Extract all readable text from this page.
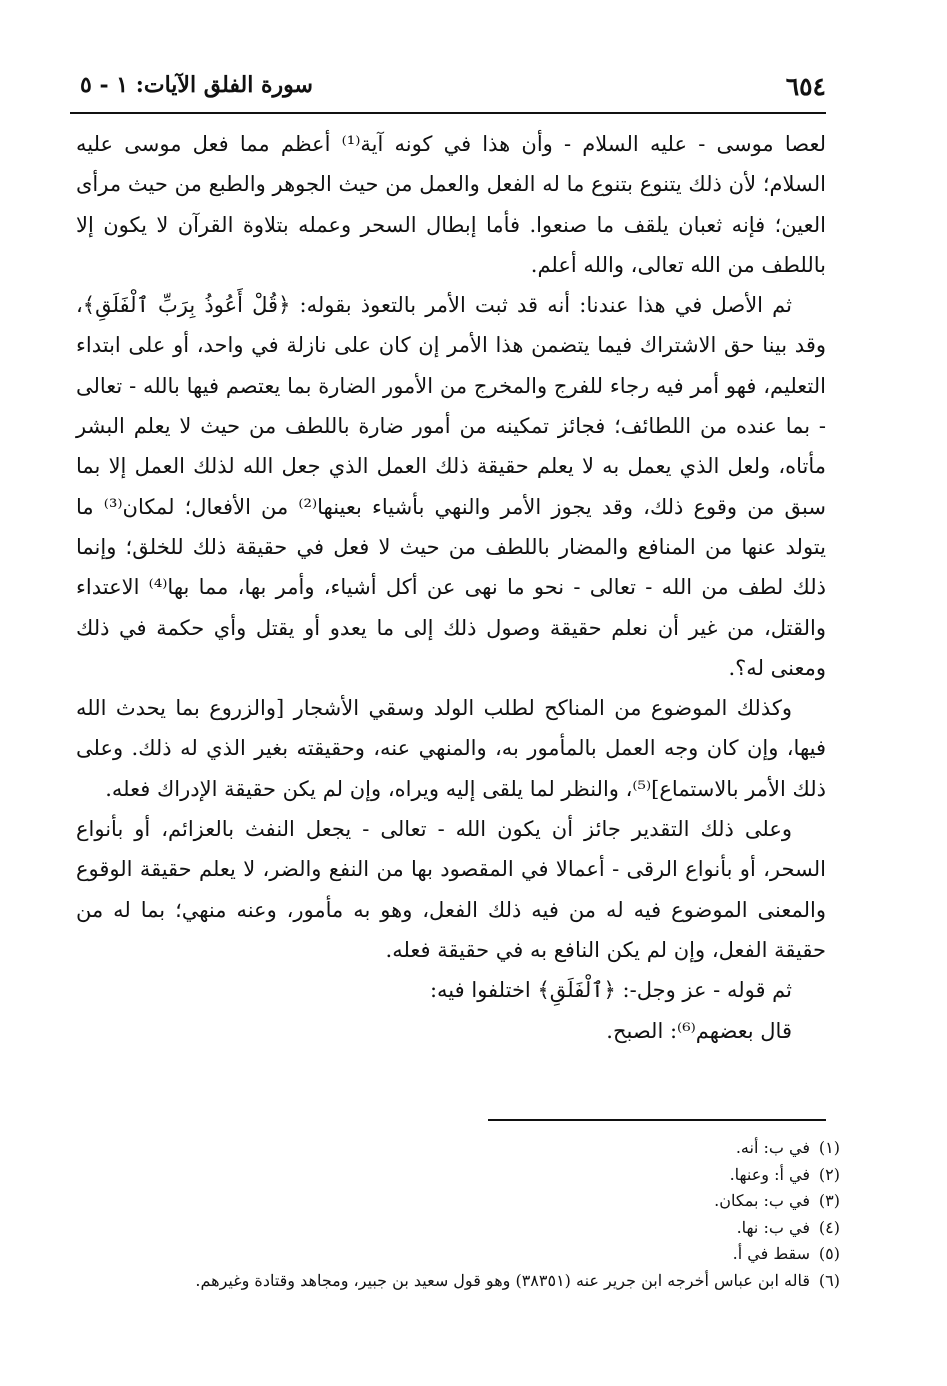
٦٥٤
سورة الفلق الآيات: ١ - ٥

لعصا موسى - عليه السلام - وأن هذا في كونه آية⁽¹⁾ أعظم مما فعل موسى عليه السلام؛ لأن ذلك يتنوع بتنوع ما له الفعل والعمل من حيث الجوهر والطبع من حيث مرأى العين؛ فإنه ثعبان يلقف ما صنعوا. فأما إبطال السحر وعمله بتلاوة القرآن لا يكون إلا باللطف من الله تعالى، والله أعلم.

ثم الأصل في هذا عندنا: أنه قد ثبت الأمر بالتعوذ بقوله: ﴿قُلْ أَعُوذُ بِرَبِّ ٱلْفَلَقِ﴾، وقد بينا حق الاشتراك فيما يتضمن هذا الأمر إن كان على نازلة في واحد، أو على ابتداء التعليم، فهو أمر فيه رجاء للفرج والمخرج من الأمور الضارة بما يعتصم فيها بالله - تعالى - بما عنده من اللطائف؛ فجائز تمكينه من أمور ضارة باللطف من حيث لا يعلم البشر مأتاه، ولعل الذي يعمل به لا يعلم حقيقة ذلك العمل الذي جعل الله لذلك العمل إلا بما سبق من وقوع ذلك، وقد يجوز الأمر والنهي بأشياء بعينها⁽²⁾ من الأفعال؛ لمكان⁽³⁾ ما يتولد عنها من المنافع والمضار باللطف من حيث لا فعل في حقيقة ذلك للخلق؛ وإنما ذلك لطف من الله - تعالى - نحو ما نهى عن أكل أشياء، وأمر بها، مما بها⁽⁴⁾ الاعتداء والقتل، من غير أن نعلم حقيقة وصول ذلك إلى ما يعدو أو يقتل وأي حكمة في ذلك ومعنى له؟.

وكذلك الموضوع من المناكح لطلب الولد وسقي الأشجار [والزروع بما يحدث الله فيها، وإن كان وجه العمل بالمأمور به، والمنهي عنه، وحقيقته بغير الذي له ذلك. وعلى ذلك الأمر بالاستماع]⁽⁵⁾، والنظر لما يلقى إليه ويراه، وإن لم يكن حقيقة الإدراك فعله.

وعلى ذلك التقدير جائز أن يكون الله - تعالى - يجعل النفث بالعزائم، أو بأنواع السحر، أو بأنواع الرقى - أعمالا في المقصود بها من النفع والضر، لا يعلم حقيقة الوقوع والمعنى الموضوع فيه له من فيه ذلك الفعل، وهو به مأمور، وعنه منهي؛ بما له من حقيقة الفعل، وإن لم يكن النافع به في حقيقة فعله.

ثم قوله - عز وجل-: ﴿ٱلْفَلَقِ﴾ اختلفوا فيه:

قال بعضهم⁽⁶⁾: الصبح.

(١)
في ب: أنه.
(٢)
في أ: وعنها.
(٣)
في ب: بمكان.
(٤)
في ب: نها.
(٥)
سقط في أ.
(٦)
قاله ابن عباس أخرجه ابن جرير عنه (٣٨٣٥١) وهو قول سعيد بن جبير، ومجاهد وقتادة وغيرهم.
